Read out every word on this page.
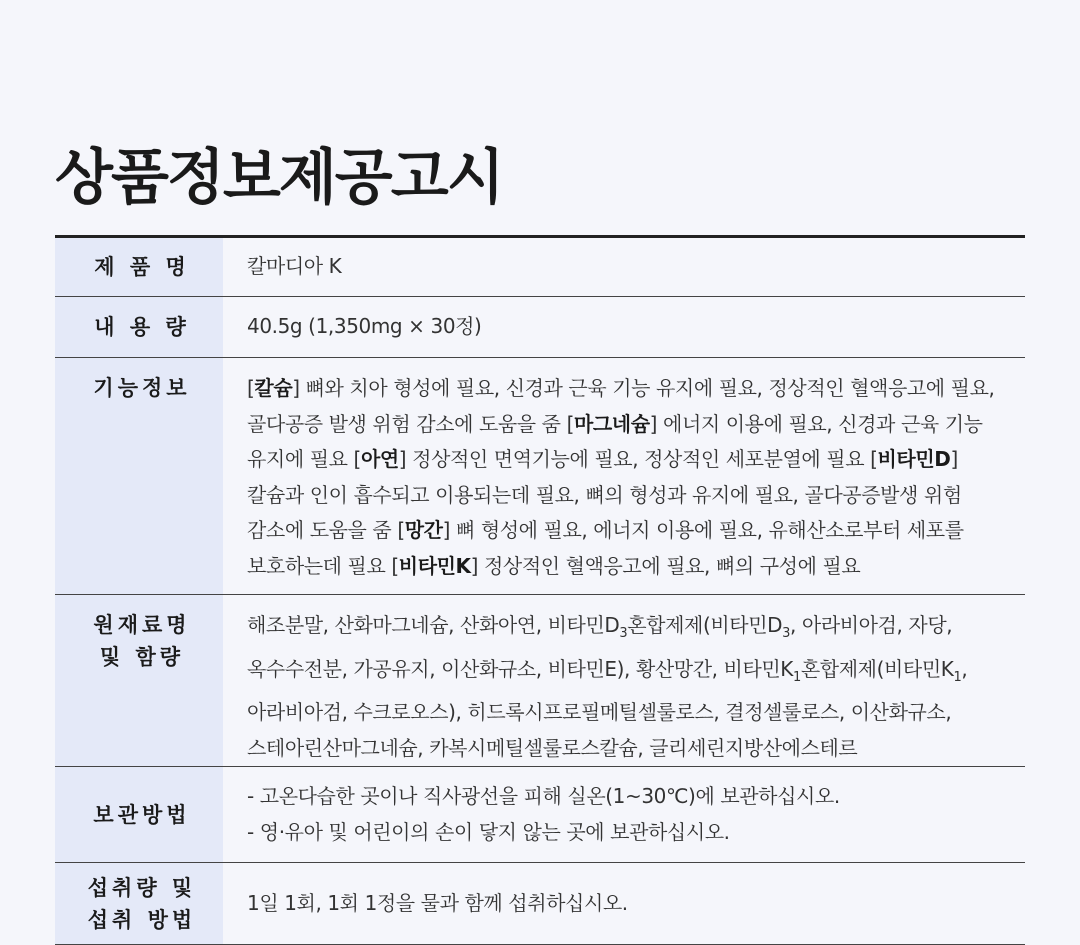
상품정보제공고시
제 품 명	칼마디아 K
내 용 량	40.5g (1,350mg × 30정)
기능정보	[칼슘] 뼈와 치아 형성에 필요, 신경과 근육 기능 유지에 필요, 정상적인 혈액응고에 필요, 골다공증 발생 위험 감소에 도움을 줌 [마그네슘] 에너지 이용에 필요, 신경과 근육 기능 유지에 필요 [아연] 정상적인 면역기능에 필요, 정상적인 세포분열에 필요 [비타민D] 칼슘과 인이 흡수되고 이용되는데 필요, 뼈의 형성과 유지에 필요, 골다공증발생 위험 감소에 도움을 줌 [망간] 뼈 형성에 필요, 에너지 이용에 필요, 유해산소로부터 세포를 보호하는데 필요 [비타민K] 정상적인 혈액응고에 필요, 뼈의 구성에 필요
원재료명
및 함량	해조분말, 산화마그네슘, 산화아연, 비타민$D_3$혼합제제(비타민$D_3$, 아라비아검, 자당, 옥수수전분, 가공유지, 이산화규소, 비타민E), 황산망간, 비타민$K_1$혼합제제(비타민$K_1$, 아라비아검, 수크로오스), 히드록시프로필메틸셀룰로스, 결정셀룰로스, 이산화규소, 스테아린산마그네슘, 카복시메틸셀룰로스칼슘, 글리세린지방산에스테르
보관방법	- 고온다습한 곳이나 직사광선을 피해 실온(1~30℃)에 보관하십시오.
- 영·유아 및 어린이의 손이 닿지 않는 곳에 보관하십시오.

섭취량 및
섭취 방법	1일 1회, 1회 1정을 물과 함께 섭취하십시오.
